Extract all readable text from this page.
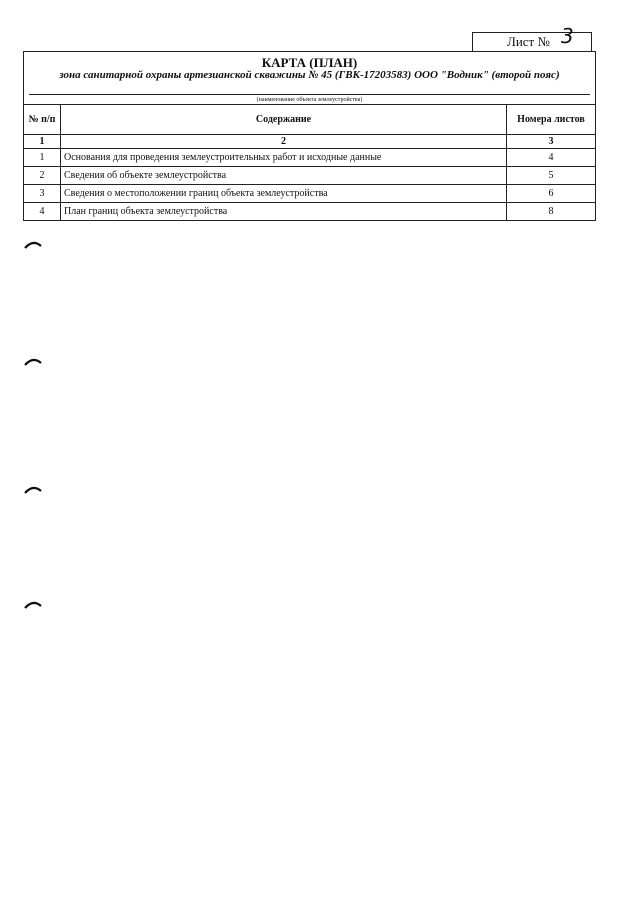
Лист № 3
КАРТА (ПЛАН)
зона санитарной охраны артезианской скважины № 45 (ГВК-17203583) ООО "Водник" (второй пояс)
(наименование объекта землеустройства)
№ п/п	Содержание	Номера листов
1	2	3
1	Основания для проведения землеустроительных работ и исходные данные	4
2	Сведения об объекте землеустройства	5
3	Сведения о местоположении границ объекта землеустройства	6
4	План границ объекта землеустройства	8
